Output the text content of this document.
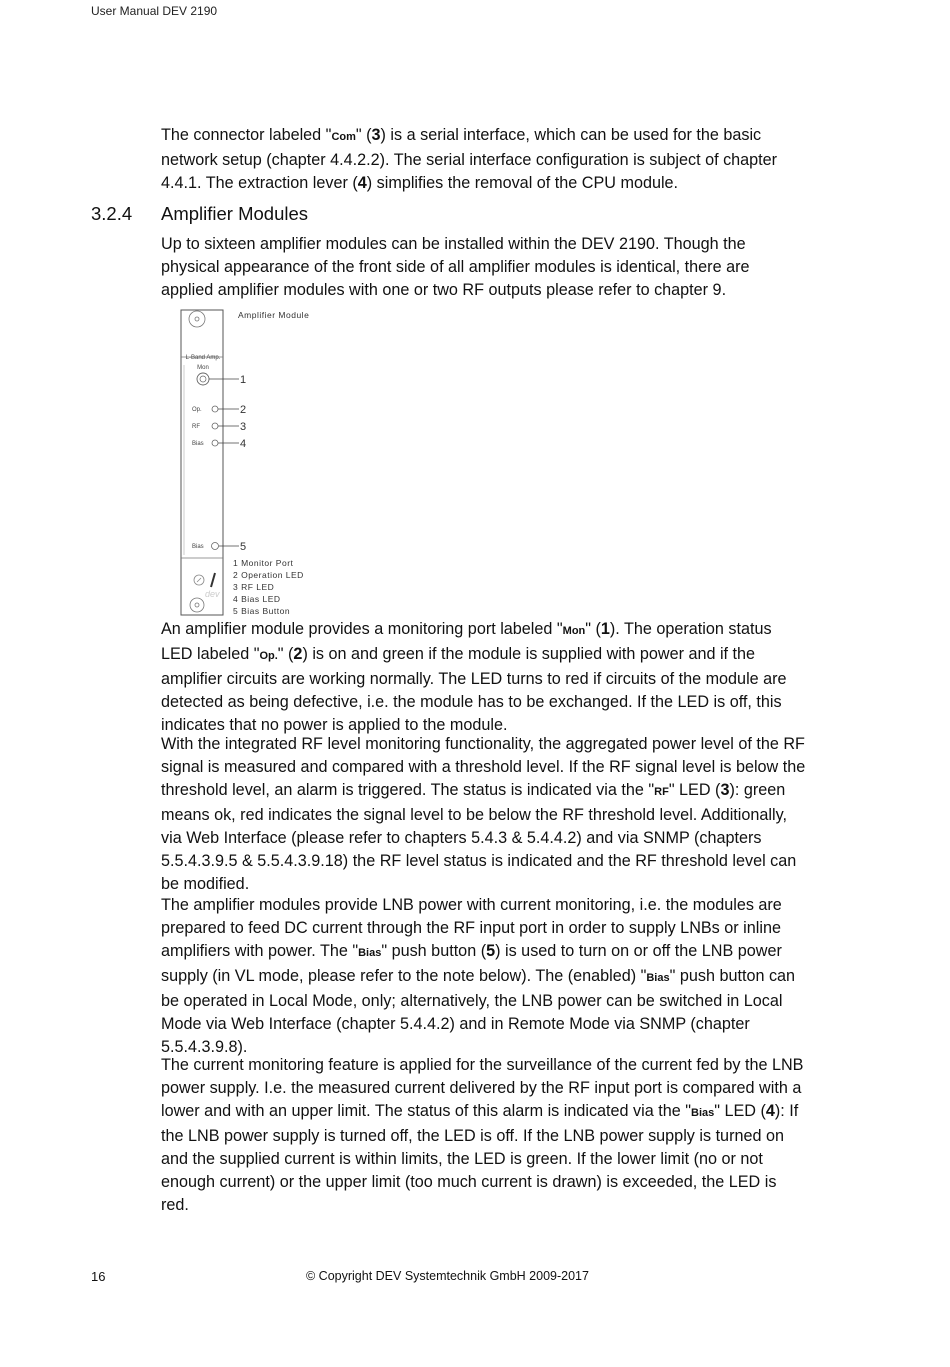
User Manual DEV 2190

The connector labeled "Com" (3) is a serial interface, which can be used for the basic network setup (chapter 4.4.2.2). The serial interface configuration is subject of chapter 4.4.1. The extraction lever (4) simplifies the removal of the CPU module.

3.2.4 Amplifier Modules

Up to sixteen amplifier modules can be installed within the DEV 2190. Though the physical appearance of the front side of all amplifier modules is identical, there are applied amplifier modules with one or two RF outputs please refer to chapter 9.

L-Band Amp.
Mon
Op.
RF
Bias
Bias
dev
Amplifier Module
1
2
3
4
5
1 Monitor Port
2 Operation LED
3 RF LED
4 Bias LED
5 Bias Button

An amplifier module provides a monitoring port labeled "Mon" (1). The operation status LED labeled "Op." (2) is on and green if the module is supplied with power and if the amplifier circuits are working normally. The LED turns to red if circuits of the module are detected as being defective, i.e. the module has to be exchanged. If the LED is off, this indicates that no power is applied to the module.

With the integrated RF level monitoring functionality, the aggregated power level of the RF signal is measured and compared with a threshold level. If the RF signal level is below the threshold level, an alarm is triggered. The status is indicated via the "RF" LED (3): green means ok, red indicates the signal level to be below the RF threshold level. Additionally, via Web Interface (please refer to chapters 5.4.3 & 5.4.4.2) and via SNMP (chapters 5.5.4.3.9.5 & 5.5.4.3.9.18) the RF level status is indicated and the RF threshold level can be modified.

The amplifier modules provide LNB power with current monitoring, i.e. the modules are prepared to feed DC current through the RF input port in order to supply LNBs or inline amplifiers with power. The "Bias" push button (5) is used to turn on or off the LNB power supply (in VL mode, please refer to the note below). The (enabled) "Bias" push button can be operated in Local Mode, only; alternatively, the LNB power can be switched in Local Mode via Web Interface (chapter 5.4.4.2) and in Remote Mode via SNMP (chapter 5.5.4.3.9.8).

The current monitoring feature is applied for the surveillance of the current fed by the LNB power supply. I.e. the measured current delivered by the RF input port is compared with a lower and with an upper limit. The status of this alarm is indicated via the "Bias" LED (4): If the LNB power supply is turned off, the LED is off. If the LNB power supply is turned on and the supplied current is within limits, the LED is green. If the lower limit (no or not enough current) or the upper limit (too much current is drawn) is exceeded, the LED is red.

16	© Copyright DEV Systemtechnik GmbH 2009-2017
